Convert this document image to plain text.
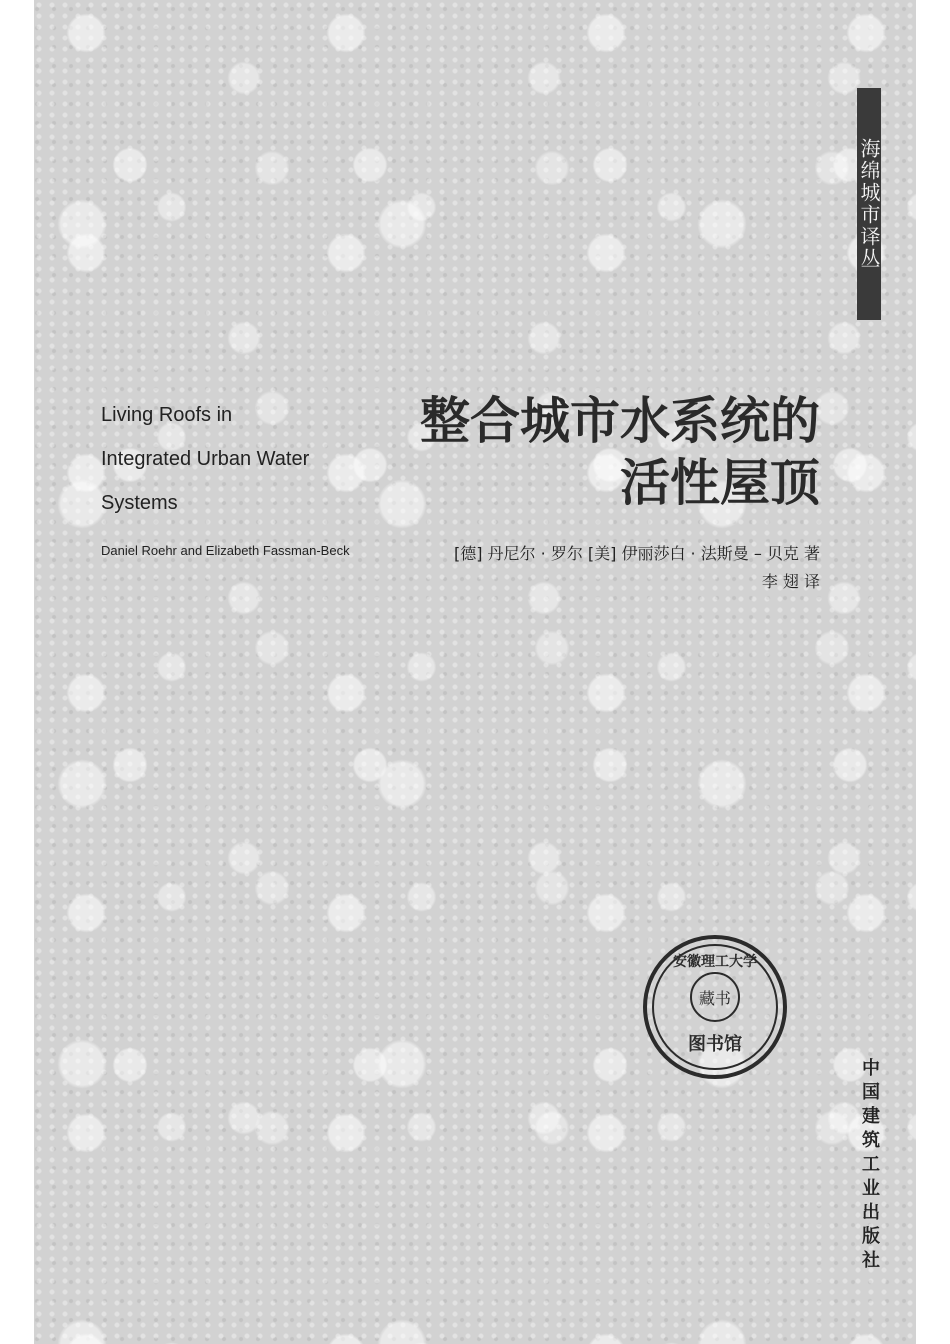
海绵城市译丛
Living Roofs in
Integrated Urban Water
Systems
Daniel Roehr and Elizabeth Fassman-Beck
整合城市水系统的
活性屋顶
[德] 丹尼尔 · 罗尔 [美] 伊丽莎白 · 法斯曼 – 贝克 著
李 翅 译
安徽理工大学
藏书
图书馆
中国建筑工业出版社
